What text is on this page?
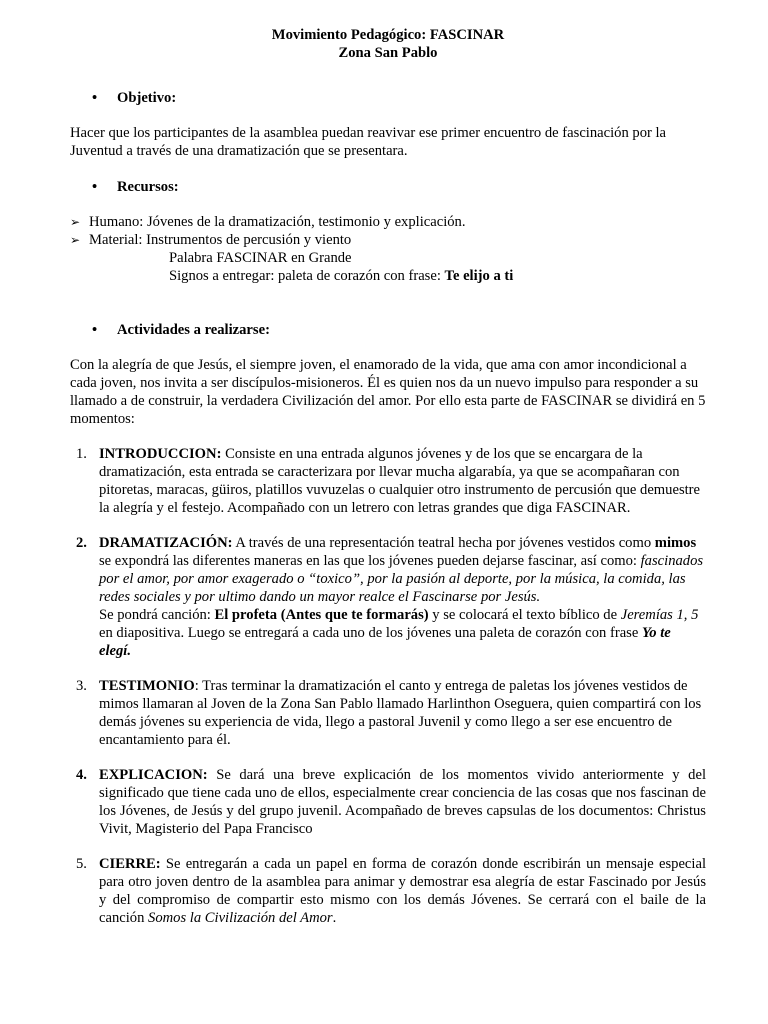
Movimiento Pedagógico: FASCINAR

Zona San Pablo

• Objetivo:

Hacer que los participantes de la asamblea puedan reavivar ese primer encuentro de fascinación por la Juventud a través de una dramatización que se presentara.

• Recursos:
➢ Humano: Jóvenes de la dramatización, testimonio y explicación.
➢ Material: Instrumentos de percusión y viento
Palabra FASCINAR en Grande
Signos a entregar: paleta de corazón con frase: Te elijo a ti
• Actividades a realizarse:

Con la alegría de que Jesús, el siempre joven, el enamorado de la vida, que ama con amor incondicional a cada joven, nos invita a ser discípulos-misioneros. Él es quien nos da un nuevo impulso para responder a su llamado a de construir, la verdadera Civilización del amor. Por ello esta parte de FASCINAR se dividirá en 5 momentos:

1. INTRODUCCION: Consiste en una entrada algunos jóvenes y de los que se encargara de la dramatización, esta entrada se caracterizara por llevar mucha algarabía, ya que se acompañaran con pitoretas, maracas, güiros, platillos vuvuzelas o cualquier otro instrumento de percusión que demuestre la alegría y el festejo. Acompañado con un letrero con letras grandes que diga FASCINAR.

2. DRAMATIZACIÓN: A través de una representación teatral hecha por jóvenes vestidos como mimos se expondrá las diferentes maneras en las que los jóvenes pueden dejarse fascinar, así como: fascinados por el amor, por amor exagerado o “toxico”, por la pasión al deporte, por la música, la comida, las redes sociales y por ultimo dando un mayor realce el Fascinarse por Jesús.

Se pondrá canción: El profeta (Antes que te formarás) y se colocará el texto bíblico de Jeremías 1, 5 en diapositiva. Luego se entregará a cada uno de los jóvenes una paleta de corazón con frase Yo te elegí.

3. TESTIMONIO: Tras terminar la dramatización el canto y entrega de paletas los jóvenes vestidos de mimos llamaran al Joven de la Zona San Pablo llamado Harlinthon Oseguera, quien compartirá con los demás jóvenes su experiencia de vida, llego a pastoral Juvenil y como llego a ser ese encuentro de encantamiento para él.

4. EXPLICACION: Se dará una breve explicación de los momentos vivido anteriormente y del significado que tiene cada uno de ellos, especialmente crear conciencia de las cosas que nos fascinan de los Jóvenes, de Jesús y del grupo juvenil. Acompañado de breves capsulas de los documentos: Christus Vivit, Magisterio del Papa Francisco

5. CIERRE: Se entregarán a cada un papel en forma de corazón donde escribirán un mensaje especial para otro joven dentro de la asamblea para animar y demostrar esa alegría de estar Fascinado por Jesús y del compromiso de compartir esto mismo con los demás Jóvenes. Se cerrará con el baile de la canción Somos la Civilización del Amor.
